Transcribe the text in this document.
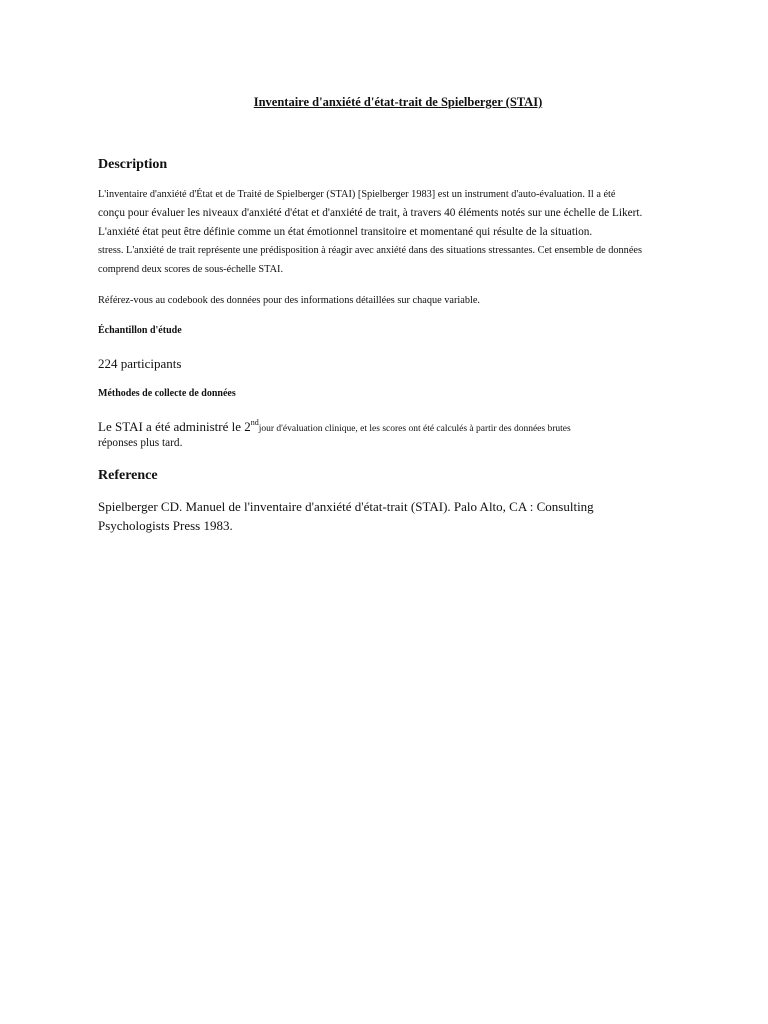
Inventaire d'anxiété d'état-trait de Spielberger (STAI)
Description
L'inventaire d'anxiété d'État et de Traité de Spielberger (STAI) [Spielberger 1983] est un instrument d'auto-évaluation. Il a été
conçu pour évaluer les niveaux d'anxiété d'état et d'anxiété de trait, à travers 40 éléments notés sur une échelle de Likert.
L'anxiété état peut être définie comme un état émotionnel transitoire et momentané qui résulte de la situation.
stress. L'anxiété de trait représente une prédisposition à réagir avec anxiété dans des situations stressantes. Cet ensemble de données
comprend deux scores de sous-échelle STAI.
Référez-vous au codebook des données pour des informations détaillées sur chaque variable.
Échantillon d'étude
224 participants
Méthodes de collecte de données
Le STAI a été administré le 2ndjour d'évaluation clinique, et les scores ont été calculés à partir des données brutes
réponses plus tard.
Reference
Spielberger CD. Manuel de l'inventaire d'anxiété d'état-trait (STAI). Palo Alto, CA : Consulting
Psychologists Press 1983.
